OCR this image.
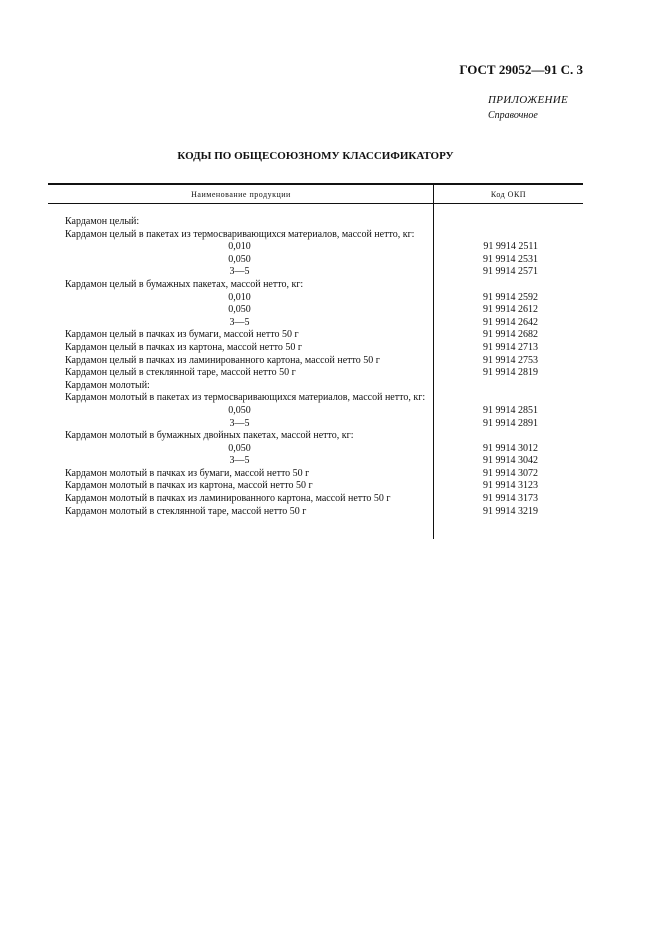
ГОСТ 29052—91 С. 3
ПРИЛОЖЕНИЕ
Справочное
КОДЫ ПО ОБЩЕСОЮЗНОМУ КЛАССИФИКАТОРУ
Наименование продукции	Код ОКП
Кардамон целый:
Кардамон целый в пакетах из термосваривающихся материалов, массой нетто, кг:
0,010	91 9914 2511
0,050	91 9914 2531
3—5	91 9914 2571
Кардамон целый в бумажных пакетах, массой нетто, кг:
0,010	91 9914 2592
0,050	91 9914 2612
3—5	91 9914 2642
Кардамон целый в пачках из бумаги, массой нетто 50 г	91 9914 2682
Кардамон целый в пачках из картона, массой нетто 50 г	91 9914 2713
Кардамон целый в пачках из ламинированного картона, массой нетто 50 г	91 9914 2753
Кардамон целый в стеклянной таре, массой нетто 50 г	91 9914 2819
Кардамон молотый:
Кардамон молотый в пакетах из термосваривающихся материалов, массой нетто, кг:
0,050	91 9914 2851
3—5	91 9914 2891
Кардамон молотый в бумажных двойных пакетах, массой нетто, кг:
0,050	91 9914 3012
3—5	91 9914 3042
Кардамон молотый в пачках из бумаги, массой нетто 50 г	91 9914 3072
Кардамон молотый в пачках из картона, массой нетто 50 г	91 9914 3123
Кардамон молотый в пачках из ламинированного картона, массой нетто 50 г	91 9914 3173
Кардамон молотый в стеклянной таре, массой нетто 50 г	91 9914 3219
